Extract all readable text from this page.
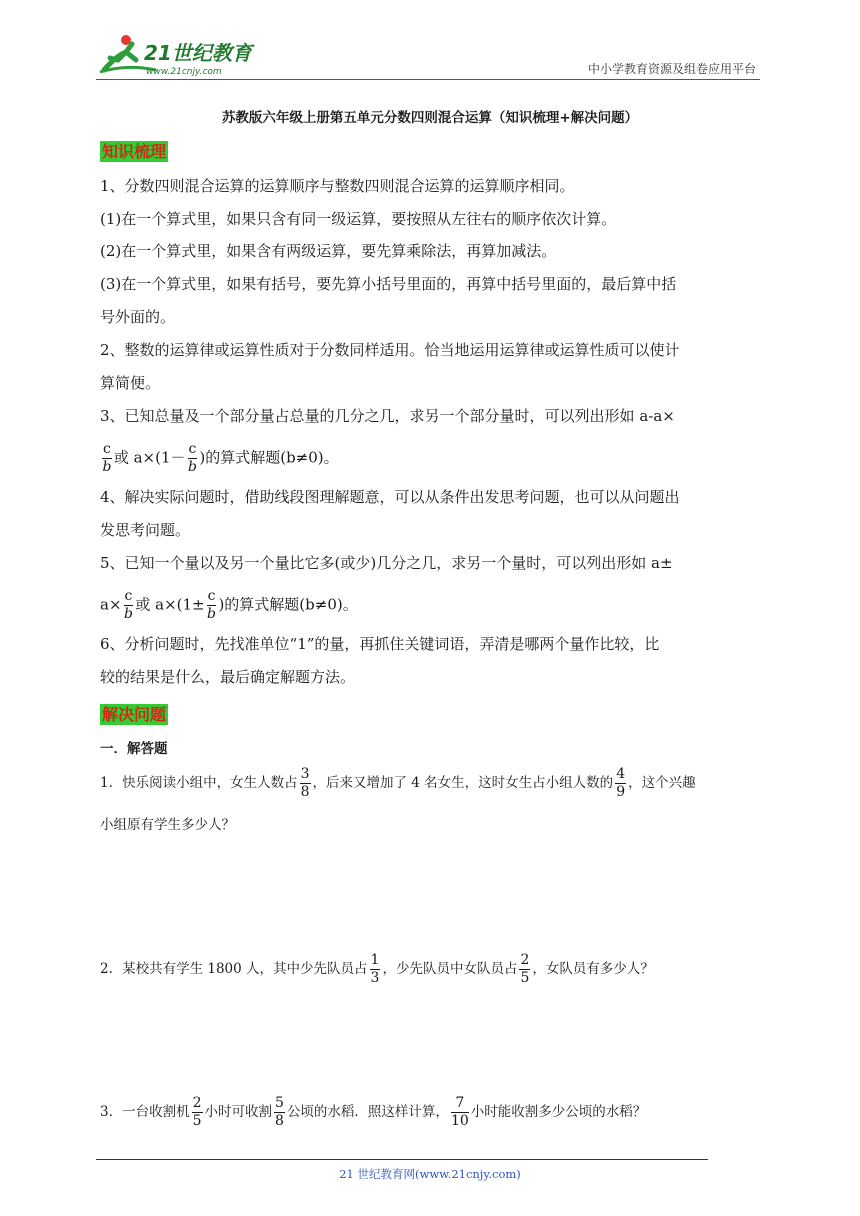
21世纪教育
www.21cnjy.com	中小学教育资源及组卷应用平台
苏教版六年级上册第五单元分数四则混合运算（知识梳理+解决问题）
知识梳理
1、分数四则混合运算的运算顺序与整数四则混合运算的运算顺序相同。
(1)在一个算式里，如果只含有同一级运算，要按照从左往右的顺序依次计算。
(2)在一个算式里，如果含有两级运算，要先算乘除法，再算加减法。
(3)在一个算式里，如果有括号，要先算小括号里面的，再算中括号里面的，最后算中括
号外面的。
2、整数的运算律或运算性质对于分数同样适用。恰当地运用运算律或运算性质可以使计
算简便。
3、已知总量及一个部分量占总量的几分之几，求另一个部分量时，可以列出形如 a-a×
$\frac{c}{b}$ 或 $a\times(1- \frac{c}{b}$ )的算式解题(b≠0)。
4、解决实际问题时，借助线段图理解题意，可以从条件出发思考问题，也可以从问题出
发思考问题。
5、已知一个量以及另一个量比它多(或少)几分之几，求另一个量时，可以列出形如 a±
$a\times \frac{c}{b}$ 或 $a\times(1\pm \frac{c}{b}$ )的算式解题(b≠0)。
6、分析问题时，先找准单位“1”的量，再抓住关键词语，弄清是哪两个量作比较，比
较的结果是什么，最后确定解题方法。
解决问题
一．解答题
1．快乐阅读小组中，女生人数占 $\frac{3}{8}$ ，后来又增加了 4 名女生，这时女生占小组人数的 $\frac{4}{9}$ ，这个兴趣
小组原有学生多少人？
2．某校共有学生 1800 人，其中少先队员占 $\frac{1}{3}$ ，少先队员中女队员占 $\frac{2}{5}$ ，女队员有多少人？
3．一台收割机 $\frac{2}{5}$ 小时可收割 $\frac{5}{8}$ 公顷的水稻．照这样计算， $\frac{7}{10}$ 小时能收割多少公顷的水稻？
21 世纪教育网(www.21cnjy.com)
